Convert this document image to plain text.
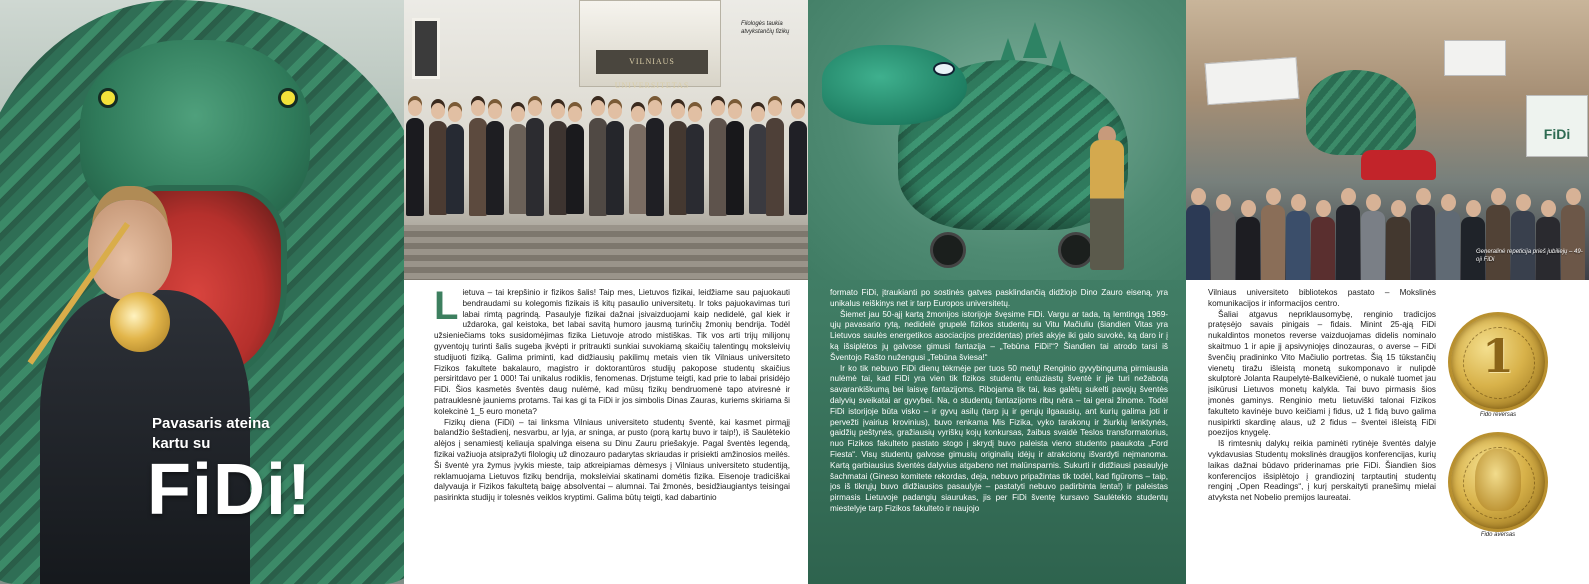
Pavasaris ateina
kartu su
FiDi!
VILNIAUS UNIVERSITETAS
Filologės taukia atvykstančių fizikų
L ietuva – tai krepšinio ir fizikos šalis! Taip mes, Lietuvos fizikai, leidžiame sau pajuokauti bendraudami su kolegomis fizikais iš kitų pasaulio universitetų. Ir toks pajuokavimas turi labai rimtą pagrindą. Pasaulyje fizikai dažnai įsivaizduojami kaip nedidelė, gal kiek ir uždaroka, gal keistoka, bet labai savitą humoro jausmą turinčių žmonių bendrija. Todėl užsieniečiams toks susidomėjimas fizika Lietuvoje atrodo mistiškas. Tik vos arti trijų milijonų gyventojų turinti šalis sugeba įkvėpti ir pritraukti sunkiai suvokiamą skaičių talentingų moksleivių studijuoti fiziką. Galima priminti, kad didžiausių pakilimų metais vien tik Vilniaus universiteto Fizikos fakultete bakalauro, magistro ir doktorantūros studijų pakopose studentų skaičius persiritdavo per 1 000! Tai unikalus rodiklis, fenomenas. Drįstume teigti, kad prie to labai prisidėjo FiDi. Šios kasmetės šventės daug nulėmė, kad mūsų fizikų bendruomenė tapo atviresnė ir patrauklesnė jauniems protams. Tai kas gi ta FiDi ir jos simbolis Dinas Zauras, kuriems skiriama ši kolekcinė 1_5 euro moneta?

Fizikų diena (FiDi) – tai linksma Vilniaus universiteto studentų šventė, kai kasmet pirmąjį balandžio šeštadienį, nesvarbu, ar lyja, ar sninga, ar pusto (porą kartų buvo ir taip!), iš Saulėtekio alėjos į senamiestį keliauja spalvinga eisena su Dinu Zauru priešakyje. Pagal šventės legendą, fizikai važiuoja atsipražyti filologių už dinozauro padarytas skriaudas ir prisiekti amžinosios meilės. Ši šventė yra žymus įvykis mieste, taip atkreipiamas dėmesys į Vilniaus universiteto studentiją, reklamuojama Lietuvos fizikų bendrija, moksleiviai skatinami domėtis fizika. Eisenoje tradiciškai dalyvauja ir Fizikos fakultetą baigę absolventai – alumnai. Tai žmonės, besidžiaugiantys teisingai pasirinkta studijų ir tolesnės veiklos kryptimi. Galima būtų teigti, kad dabartinio

formato FiDi, įtraukianti po sostinės gatves pasklindančią didžiojo Dino Zauro eiseną, yra unikalus reiškinys net ir tarp Europos universitetų.

Šiemet jau 50-ąjį kartą žmonijos istorijoje švęsime FiDi. Vargu ar tada, tą lemtingą 1969-ųjų pavasario rytą, nedidelė grupelė fizikos studentų su Vitu Mačiuliu (šiandien Vitas yra Lietuvos saulės energetikos asociacijos prezidentas) prieš akyje iki galo suvokė, ką daro ir į ką išsiplėtos jų galvose gimusi fantazija – „Tebūna FiDi!“? Šiandien tai atrodo tarsi iš Šventojo Rašto nužengusi „Tebūna šviesa!“

Ir ko tik nebuvo FiDi dienų tėkmėje per tuos 50 metų! Renginio gyvybingumą pirmiausia nulėmė tai, kad FiDi yra vien tik fizikos studentų entuziastų šventė ir jie turi nežabotą savarankiškumą bei laisvę fantazijoms. Ribojama tik tai, kas galėtų sukelti pavojų šventės dalyvių sveikatai ar gyvybei. Na, o studentų fantazijoms ribų nėra – tai gerai žinome. Todėl FiDi istorijoje būta visko – ir gyvų asilų (tarp jų ir gerųjų ilgaausių, ant kurių galima joti ir pervežti įvairius krovinius), buvo renkama Mis Fizika, vyko tarakonų ir žiurkių lenktynės, gaidžių peštynės, gražiausių vyriškų kojų konkursas, žaibus svaidė Teslos transformatorius, nuo Fizikos fakulteto pastato stogo į skrydį buvo paleista vieno studento paaukota „Ford Fiesta“. Visų studentų galvose gimusių originalių idėjų ir atrakcionų išvardyti neįmanoma. Kartą garbiausius šventės dalyvius atgabeno net malūnsparnis. Sukurti ir didžiausi pasaulyje šachmatai (Gineso komitete rekordas, deja, nebuvo pripažintas tik todėl, kad figūroms – taip, jos iš tikrųjų buvo didžiausios pasaulyje – pastatyti nebuvo padirbinta lenta!) ir paleistas pirmasis Lietuvoje padangių siaurukas, jis per FiDi šventę kursavo Saulėtekio studentų miestelyje tarp Fizikos fakulteto ir naujojo

FiDi
Generalinė repeticija prieš jubiliejų – 49-oji FiDi

Vilniaus universiteto bibliotekos pastato – Mokslinės komunikacijos ir informacijos centro.

Šaliai atgavus nepriklausomybę, renginio tradicijos pratęsėjo savais pinigais – fidais. Minint 25-ąją FiDi nukaldintos monetos reverse vaizduojamas didelis nominalo skaitmuo 1 ir apie jį apsivyniojęs dinozauras, o averse – FiDi švenčių pradininko Vito Mačiulio portretas. Šią 15 tūkstančių vienetų tiražu išleistą monetą sukomponavo ir nulipdė skulptorė Jolanta Raupelytė-Balkevičienė, o nukalė tuomet jau įsikūrusi Lietuvos monetų kalykla. Tai buvo pirmasis šios įmonės gaminys. Renginio metu lietuviški talonai Fizikos fakulteto kavinėje buvo keičiami į fidus, už 1 fidą buvo galima nusipirkti skardinę alaus, už 2 fidus – šventei išleistą FiDi poezijos knygelę.

Iš rimtesnių dalykų reikia paminėti rytinėje šventės dalyje vykdavusias Studentų mokslinės draugijos konferencijas, kurių laikas dažnai būdavo priderinamas prie FiDi. Šiandien šios konferencijos išsiplėtojo į grandiozinį tarptautinį studentų renginį „Open Readings“, į kurį perskaityti pranešimų mielai atvyksta net Nobelio premijos laureatai.

1
Fido reversas
Fido aversas
